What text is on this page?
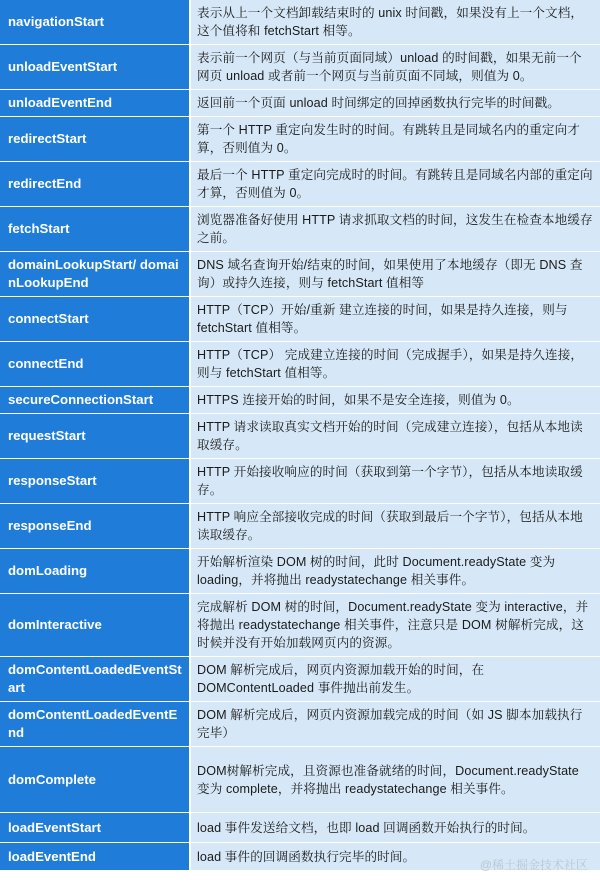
navigationStart	表示从上一个文档卸载结束时的 unix 时间戳，如果没有上一个文档，这个值将和 fetchStart 相等。

unloadEventStart	表示前一个网页（与当前页面同域）unload 的时间戳，如果无前一个网页 unload 或者前一个网页与当前页面不同域，则值为 0。

unloadEventEnd	返回前一个页面 unload 时间绑定的回掉函数执行完毕的时间戳。

redirectStart	第一个 HTTP 重定向发生时的时间。有跳转且是同域名内的重定向才算，否则值为 0。

redirectEnd	最后一个 HTTP 重定向完成时的时间。有跳转且是同域名内部的重定向才算，否则值为 0。

fetchStart	浏览器准备好使用 HTTP 请求抓取文档的时间，这发生在检查本地缓存之前。

domainLookupStart/ domainLookupEnd	DNS 域名查询开始/结束的时间，如果使用了本地缓存（即无 DNS 查询）或持久连接，则与 fetchStart 值相等

connectStart	HTTP（TCP）开始/重新 建立连接的时间，如果是持久连接，则与 fetchStart 值相等。

connectEnd	HTTP（TCP） 完成建立连接的时间（完成握手），如果是持久连接，则与 fetchStart 值相等。

secureConnectionStart	HTTPS 连接开始的时间，如果不是安全连接，则值为 0。

requestStart	HTTP 请求读取真实文档开始的时间（完成建立连接），包括从本地读取缓存。

responseStart	HTTP 开始接收响应的时间（获取到第一个字节），包括从本地读取缓存。

responseEnd	HTTP 响应全部接收完成的时间（获取到最后一个字节），包括从本地读取缓存。

domLoading	开始解析渲染 DOM 树的时间，此时 Document.readyState 变为 loading，并将抛出 readystatechange 相关事件。

domInteractive	完成解析 DOM 树的时间，Document.readyState 变为 interactive，并将抛出 readystatechange 相关事件，注意只是 DOM 树解析完成，这时候并没有开始加载网页内的资源。

domContentLoadedEventStart	DOM 解析完成后，网页内资源加载开始的时间，在 DOMContentLoaded 事件抛出前发生。

domContentLoadedEventEnd	DOM 解析完成后，网页内资源加载完成的时间（如 JS 脚本加载执行完毕）

domComplete	DOM树解析完成，且资源也准备就绪的时间，Document.readyState 变为 complete，并将抛出 readystatechange 相关事件。

loadEventStart	load 事件发送给文档，也即 load 回调函数开始执行的时间。

loadEventEnd	load 事件的回调函数执行完毕的时间。
@稀土掘金技术社区
